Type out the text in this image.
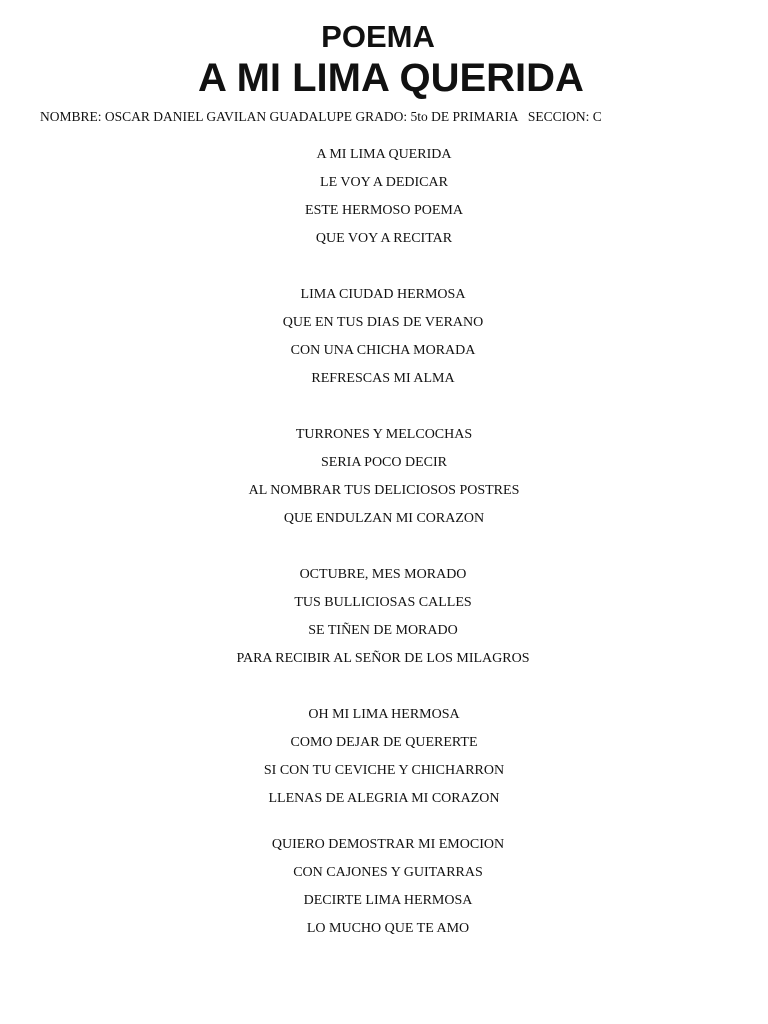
POEMA
A MI LIMA QUERIDA
NOMBRE: OSCAR DANIEL GAVILAN GUADALUPE GRADO: 5to DE PRIMARIA   SECCION: C
A MI LIMA QUERIDA
LE VOY A DEDICAR
ESTE HERMOSO POEMA
QUE VOY A RECITAR
LIMA CIUDAD HERMOSA
QUE EN TUS DIAS DE VERANO
CON UNA CHICHA MORADA
REFRESCAS MI ALMA
TURRONES Y MELCOCHAS
SERIA POCO DECIR
AL NOMBRAR TUS DELICIOSOS POSTRES
QUE ENDULZAN MI CORAZON
OCTUBRE, MES MORADO
TUS BULLICIOSAS CALLES
SE TIÑEN DE MORADO
PARA RECIBIR AL SEÑOR DE LOS MILAGROS
OH MI LIMA HERMOSA
COMO DEJAR DE QUERERTE
SI CON TU CEVICHE Y CHICHARRON
LLENAS DE ALEGRIA MI CORAZON
QUIERO DEMOSTRAR MI EMOCION
CON CAJONES Y GUITARRAS
DECIRTE LIMA HERMOSA
LO MUCHO QUE TE AMO
